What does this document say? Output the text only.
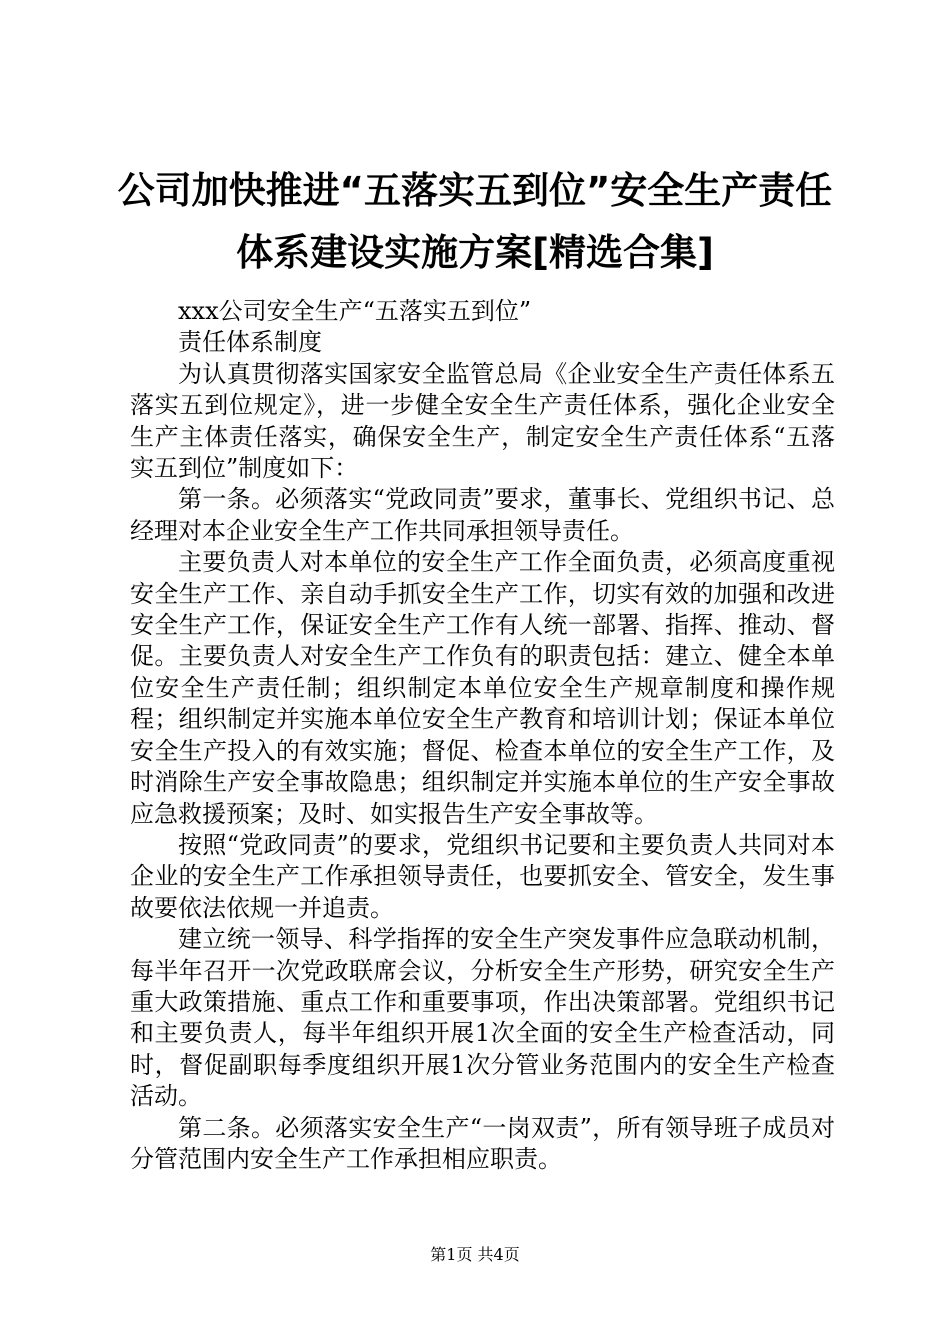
公司加快推进“五落实五到位”安全生产责任体系建设实施方案[精选合集]

xxx公司安全生产“五落实五到位”

责任体系制度

为认真贯彻落实国家安全监管总局《企业安全生产责任体系五落实五到位规定》，进一步健全安全生产责任体系，强化企业安全生产主体责任落实，确保安全生产，制定安全生产责任体系“五落实五到位”制度如下：

第一条。必须落实“党政同责”要求，董事长、党组织书记、总经理对本企业安全生产工作共同承担领导责任。

主要负责人对本单位的安全生产工作全面负责，必须高度重视安全生产工作、亲自动手抓安全生产工作，切实有效的加强和改进安全生产工作，保证安全生产工作有人统一部署、指挥、推动、督促。主要负责人对安全生产工作负有的职责包括：建立、健全本单位安全生产责任制；组织制定本单位安全生产规章制度和操作规程；组织制定并实施本单位安全生产教育和培训计划；保证本单位安全生产投入的有效实施；督促、检查本单位的安全生产工作，及时消除生产安全事故隐患；组织制定并实施本单位的生产安全事故应急救援预案；及时、如实报告生产安全事故等。

按照“党政同责”的要求，党组织书记要和主要负责人共同对本企业的安全生产工作承担领导责任，也要抓安全、管安全，发生事故要依法依规一并追责。

建立统一领导、科学指挥的安全生产突发事件应急联动机制，每半年召开一次党政联席会议，分析安全生产形势，研究安全生产重大政策措施、重点工作和重要事项，作出决策部署。党组织书记和主要负责人，每半年组织开展1次全面的安全生产检查活动，同时，督促副职每季度组织开展1次分管业务范围内的安全生产检查活动。

第二条。必须落实安全生产“一岗双责”，所有领导班子成员对分管范围内安全生产工作承担相应职责。

第1页 共4页
